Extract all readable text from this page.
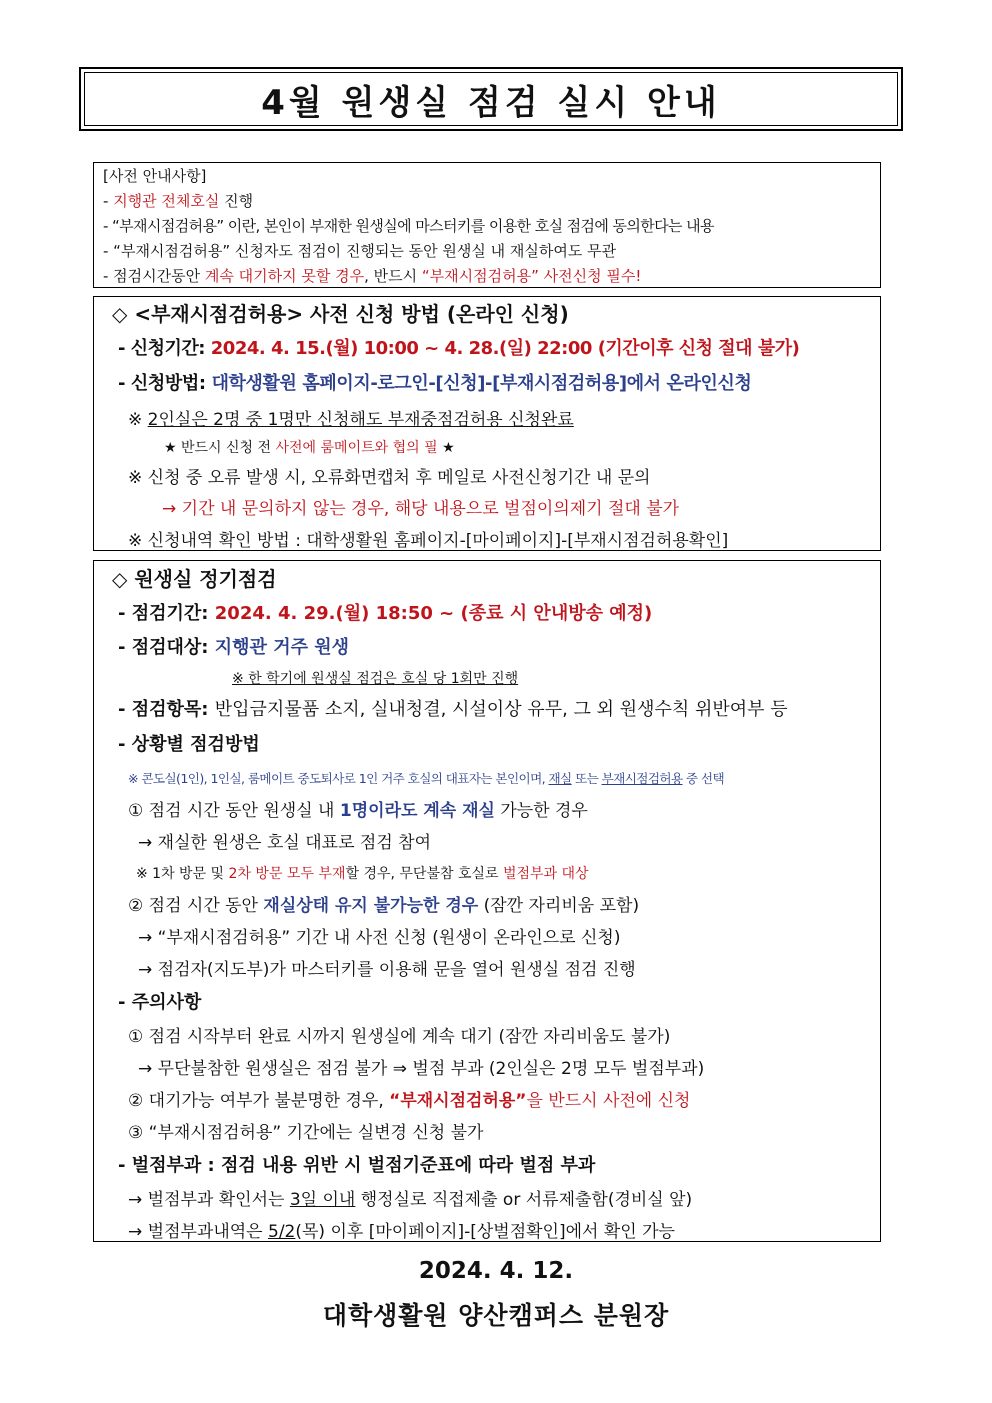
4월 원생실 점검 실시 안내
[사전 안내사항]
- 지행관 전체호실 진행
- “부재시점검허용” 이란, 본인이 부재한 원생실에 마스터키를 이용한 호실 점검에 동의한다는 내용
- “부재시점검허용” 신청자도 점검이 진행되는 동안 원생실 내 재실하여도 무관
- 점검시간동안 계속 대기하지 못할 경우, 반드시 “부재시점검허용” 사전신청 필수!
◇ <부재시점검허용> 사전 신청 방법 (온라인 신청)
- 신청기간: 2024. 4. 15.(월) 10:00 ~ 4. 28.(일) 22:00 (기간이후 신청 절대 불가)
- 신청방법: 대학생활원 홈페이지-로그인-[신청]-[부재시점검허용]에서 온라인신청
※ 2인실은 2명 중 1명만 신청해도 부재중점검허용 신청완료
★ 반드시 신청 전 사전에 룸메이트와 협의 필 ★
※ 신청 중 오류 발생 시, 오류화면캡처 후 메일로 사전신청기간 내 문의
→ 기간 내 문의하지 않는 경우, 해당 내용으로 벌점이의제기 절대 불가
※ 신청내역 확인 방법 : 대학생활원 홈페이지-[마이페이지]-[부재시점검허용확인]
◇ 원생실 정기점검
- 점검기간: 2024. 4. 29.(월) 18:50 ~ (종료 시 안내방송 예정)
- 점검대상: 지행관 거주 원생
※ 한 학기에 원생실 점검은 호실 당 1회만 진행
- 점검항목: 반입금지물품 소지, 실내청결, 시설이상 유무, 그 외 원생수칙 위반여부 등
- 상황별 점검방법
※ 콘도실(1인), 1인실, 룸메이트 중도퇴사로 1인 거주 호실의 대표자는 본인이며, 재실 또는 부재시점검허용 중 선택
① 점검 시간 동안 원생실 내 1명이라도 계속 재실 가능한 경우
→ 재실한 원생은 호실 대표로 점검 참여
※ 1차 방문 및 2차 방문 모두 부재할 경우, 무단불참 호실로 벌점부과 대상
② 점검 시간 동안 재실상태 유지 불가능한 경우 (잠깐 자리비움 포함)
→ “부재시점검허용” 기간 내 사전 신청 (원생이 온라인으로 신청)
→ 점검자(지도부)가 마스터키를 이용해 문을 열어 원생실 점검 진행
- 주의사항
① 점검 시작부터 완료 시까지 원생실에 계속 대기 (잠깐 자리비움도 불가)
→ 무단불참한 원생실은 점검 불가 ⇒ 벌점 부과 (2인실은 2명 모두 벌점부과)
② 대기가능 여부가 불분명한 경우, “부재시점검허용”을 반드시 사전에 신청
③ “부재시점검허용” 기간에는 실변경 신청 불가
- 벌점부과 : 점검 내용 위반 시 벌점기준표에 따라 벌점 부과
→ 벌점부과 확인서는 3일 이내 행정실로 직접제출 or 서류제출함(경비실 앞)
→ 벌점부과내역은 5/2(목) 이후 [마이페이지]-[상벌점확인]에서 확인 가능
2024. 4. 12.
대학생활원 양산캠퍼스 분원장
